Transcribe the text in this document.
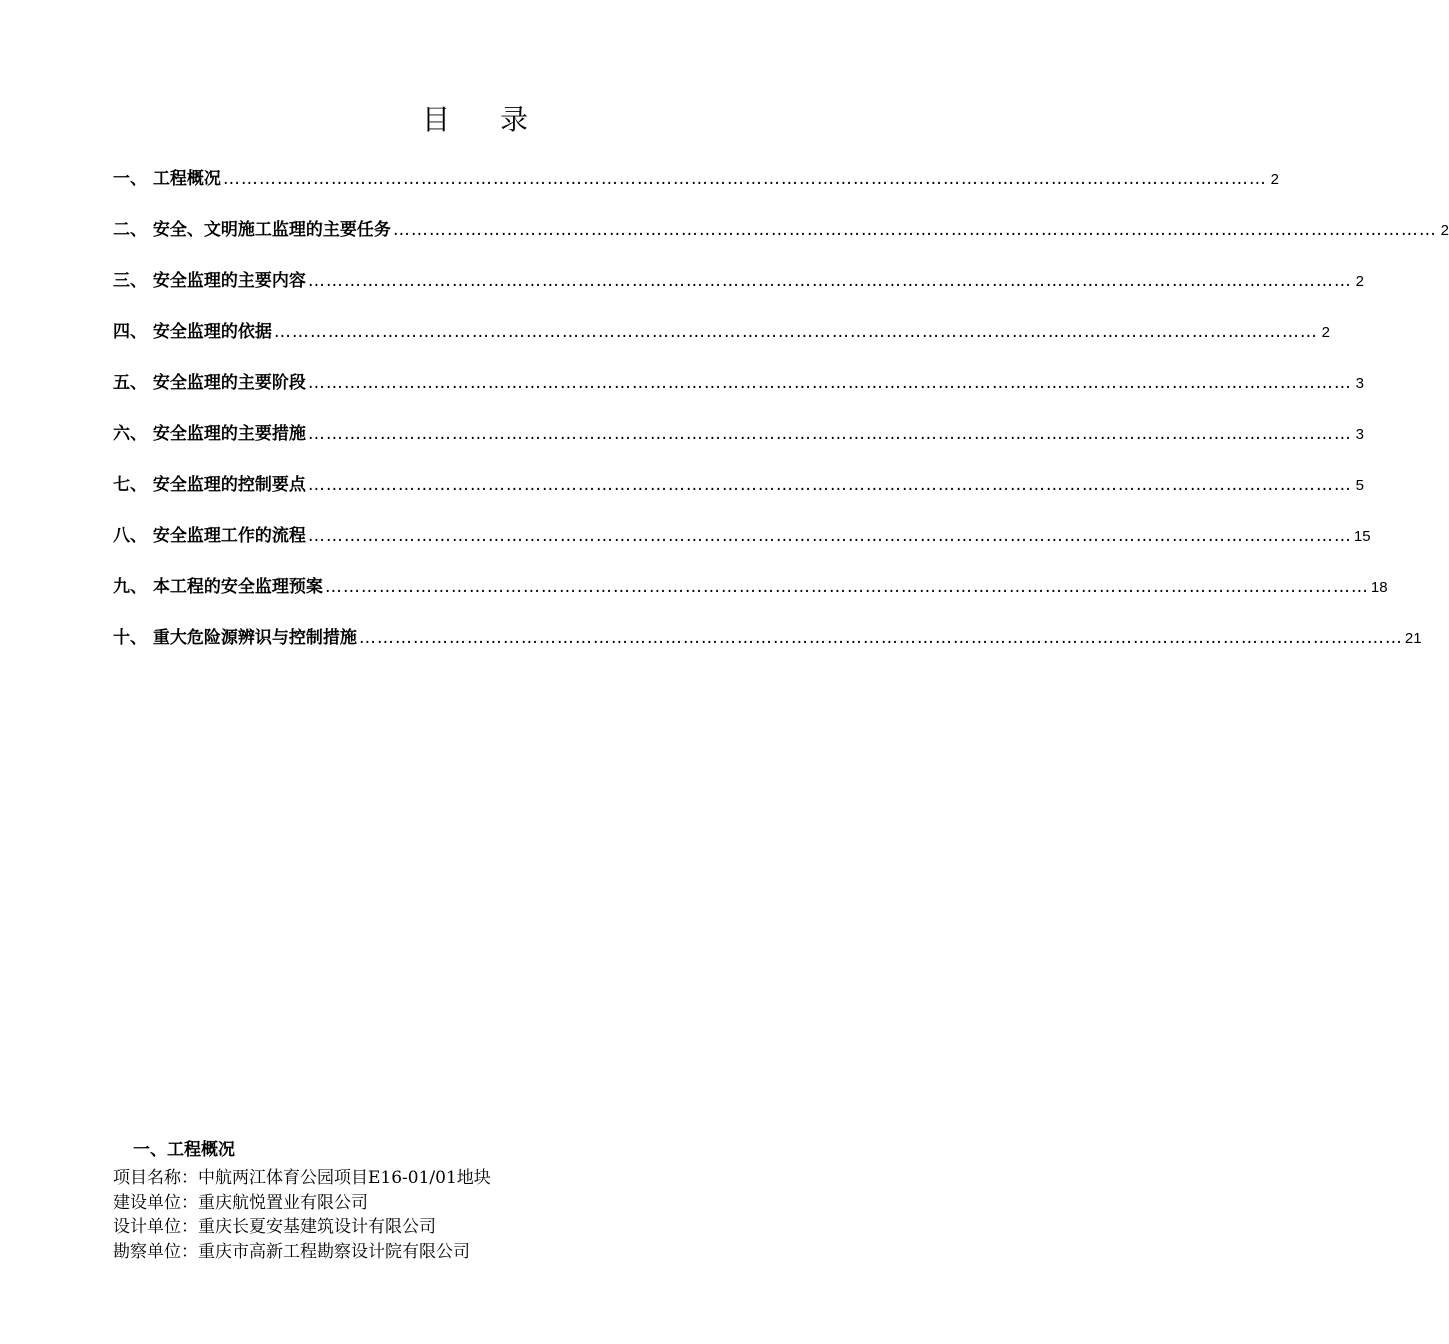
目录
一、 工程概况 ………………………………………………………………………………………………………………………………………………………… 2
二、 安全、文明施工监理的主要任务 ………………………………………………………………………………………………………………………………………………………… 2
三、 安全监理的主要内容 ………………………………………………………………………………………………………………………………………………………… 2
四、 安全监理的依据 ………………………………………………………………………………………………………………………………………………………… 2
五、 安全监理的主要阶段 ………………………………………………………………………………………………………………………………………………………… 3
六、 安全监理的主要措施 ………………………………………………………………………………………………………………………………………………………… 3
七、 安全监理的控制要点 ………………………………………………………………………………………………………………………………………………………… 5
八、 安全监理工作的流程 ………………………………………………………………………………………………………………………………………………………… 15
九、 本工程的安全监理预案 ………………………………………………………………………………………………………………………………………………………… 18
十、 重大危险源辨识与控制措施 ………………………………………………………………………………………………………………………………………………………… 21
一、工程概况
项目名称：中航两江体育公园项目E16-01/01地块
建设单位：重庆航悦置业有限公司
设计单位：重庆长夏安基建筑设计有限公司
勘察单位：重庆市高新工程勘察设计院有限公司
